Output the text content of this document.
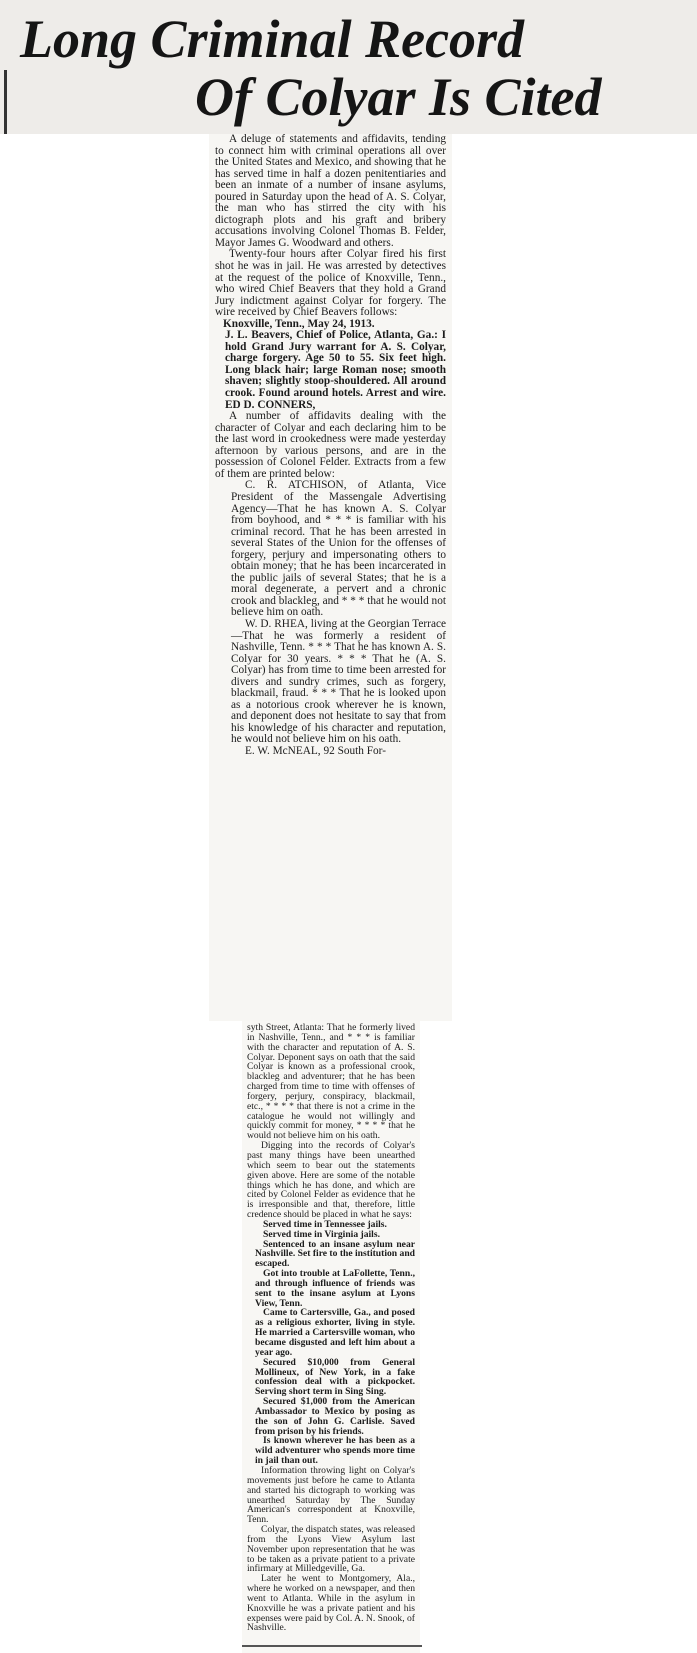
Long Criminal Record
Of Colyar Is Cited

A deluge of statements and affidavits, tending to connect him with criminal operations all over the United States and Mexico, and showing that he has served time in half a dozen penitentiaries and been an inmate of a number of insane asylums, poured in Saturday upon the head of A. S. Colyar, the man who has stirred the city with his dictograph plots and his graft and bribery accusations involving Colonel Thomas B. Felder, Mayor James G. Woodward and others.

Twenty-four hours after Colyar fired his first shot he was in jail. He was arrested by detectives at the request of the police of Knoxville, Tenn., who wired Chief Beavers that they hold a Grand Jury indictment against Colyar for forgery. The wire received by Chief Beavers follows:

Knoxville, Tenn., May 24, 1913.

J. L. Beavers, Chief of Police, Atlanta, Ga.: I hold Grand Jury warrant for A. S. Colyar, charge forgery. Age 50 to 55. Six feet high. Long black hair; large Roman nose; smooth shaven; slightly stoop-shouldered. All around crook. Found around hotels. Arrest and wire. ED D. CONNERS,

A number of affidavits dealing with the character of Colyar and each declaring him to be the last word in crookedness were made yesterday afternoon by various persons, and are in the possession of Colonel Felder. Extracts from a few of them are printed below:

C. R. ATCHISON, of Atlanta, Vice President of the Massengale Advertising Agency—That he has known A. S. Colyar from boyhood, and * * * is familiar with his criminal record. That he has been arrested in several States of the Union for the offenses of forgery, perjury and impersonating others to obtain money; that he has been incarcerated in the public jails of several States; that he is a moral degenerate, a pervert and a chronic crook and blackleg, and * * * that he would not believe him on oath.

W. D. RHEA, living at the Georgian Terrace—That he was formerly a resident of Nashville, Tenn. * * * That he has known A. S. Colyar for 30 years. * * * That he (A. S. Colyar) has from time to time been arrested for divers and sundry crimes, such as forgery, blackmail, fraud. * * * That he is looked upon as a notorious crook wherever he is known, and deponent does not hesitate to say that from his knowledge of his character and reputation, he would not believe him on his oath.

E. W. McNEAL, 92 South For-

syth Street, Atlanta: That he formerly lived in Nashville, Tenn., and * * * is familiar with the character and reputation of A. S. Colyar. Deponent says on oath that the said Colyar is known as a professional crook, blackleg and adventurer; that he has been charged from time to time with offenses of forgery, perjury, conspiracy, blackmail, etc., * * * * that there is not a crime in the catalogue he would not willingly and quickly commit for money, * * * * that he would not believe him on his oath.

Digging into the records of Colyar's past many things have been unearthed which seem to bear out the statements given above. Here are some of the notable things which he has done, and which are cited by Colonel Felder as evidence that he is irresponsible and that, therefore, little credence should be placed in what he says:

Served time in Tennessee jails.
Served time in Virginia jails.
Sentenced to an insane asylum near Nashville. Set fire to the institution and escaped.
Got into trouble at LaFollette, Tenn., and through influence of friends was sent to the insane asylum at Lyons View, Tenn.
Came to Cartersville, Ga., and posed as a religious exhorter, living in style. He married a Cartersville woman, who became disgusted and left him about a year ago.
Secured $10,000 from General Mollineux, of New York, in a fake confession deal with a pickpocket. Serving short term in Sing Sing.
Secured $1,000 from the American Ambassador to Mexico by posing as the son of John G. Carlisle. Saved from prison by his friends.
Is known wherever he has been as a wild adventurer who spends more time in jail than out.

Information throwing light on Colyar's movements just before he came to Atlanta and started his dictograph to working was unearthed Saturday by The Sunday American's correspondent at Knoxville, Tenn.

Colyar, the dispatch states, was released from the Lyons View Asylum last November upon representation that he was to be taken as a private patient to a private infirmary at Milledgeville, Ga.

Later he went to Montgomery, Ala., where he worked on a newspaper, and then went to Atlanta. While in the asylum in Knoxville he was a private patient and his expenses were paid by Col. A. N. Snook, of Nashville.
